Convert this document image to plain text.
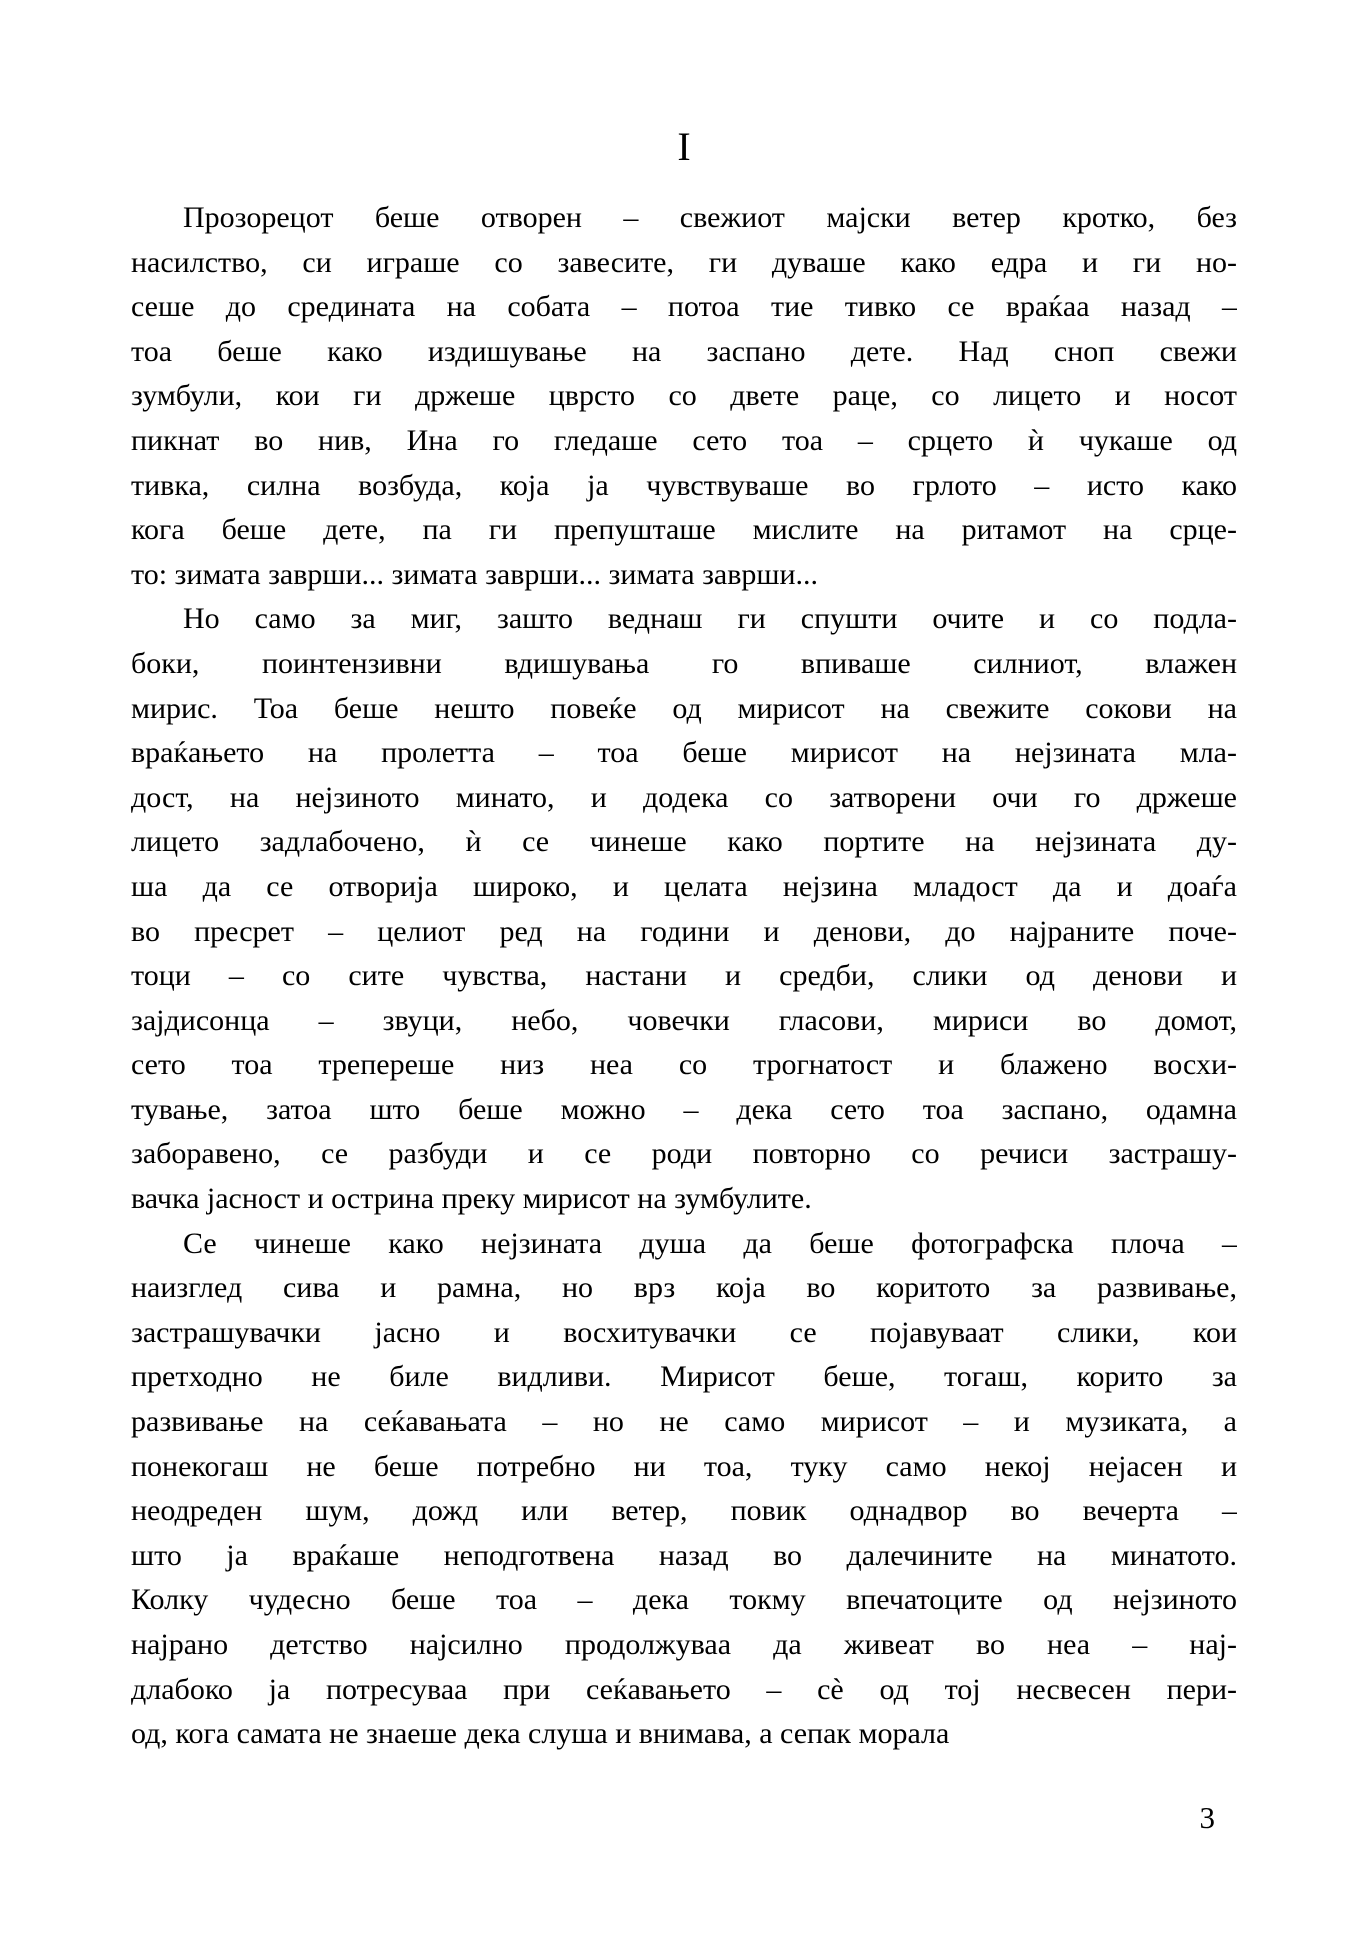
I
Прозорецот беше отворен – свежиот мајски ветер кротко, без
насилство, си играше со завесите, ги дуваше како едра и ги но-
сеше до средината на собата – потоа тие тивко се враќаа назад –
тоа беше како издишување на заспано дете. Над сноп свежи
зумбули, кои ги држеше цврсто со двете раце, со лицето и носот
пикнат во нив, Ина го гледаше сето тоа – срцето ѝ чукаше од
тивка, силна возбуда, која ја чувствуваше во грлото – исто како
кога беше дете, па ги препушташе мислите на ритамот на срце-
то: зимата заврши... зимата заврши... зимата заврши...
Но само за миг, зашто веднаш ги спушти очите и со подла-
боки, поинтензивни вдишувања го впиваше силниот, влажен
мирис. Тоа беше нешто повеќе од мирисот на свежите сокови на
враќањето на пролетта – тоа беше мирисот на нејзината мла-
дост, на нејзиното минато, и додека со затворени очи го држеше
лицето задлабочено, ѝ се чинеше како портите на нејзината ду-
ша да се отворија широко, и целата нејзина младост да и доаѓа
во пресрет – целиот ред на години и денови, до најраните поче-
тоци – со сите чувства, настани и средби, слики од денови и
зајдисонца – звуци, небо, човечки гласови, мириси во домот,
сето тоа трепереше низ неа со трогнатост и блажено восхи-
тување, затоа што беше можно – дека сето тоа заспано, одамна
заборавено, се разбуди и се роди повторно со речиси застрашу-
вачка јасност и острина преку мирисот на зумбулите.
Се чинеше како нејзината душа да беше фотографска плоча –
наизглед сива и рамна, но врз која во коритото за развивање,
застрашувачки јасно и восхитувачки се појавуваат слики, кои
претходно не биле видливи. Мирисот беше, тогаш, корито за
развивање на сеќавањата – но не само мирисот – и музиката, а
понекогаш не беше потребно ни тоа, туку само некој нејасен и
неодреден шум, дожд или ветер, повик однадвор во вечерта –
што ја враќаше неподготвена назад во далечините на минатото.
Колку чудесно беше тоа – дека токму впечатоците од нејзиното
најрано детство најсилно продолжуваа да живеат во неа – нај-
длабоко ја потресуваа при сеќавањето – сѐ од тој несвесен пери-
од, кога самата не знаеше дека слуша и внимава, а сепак морала
3
